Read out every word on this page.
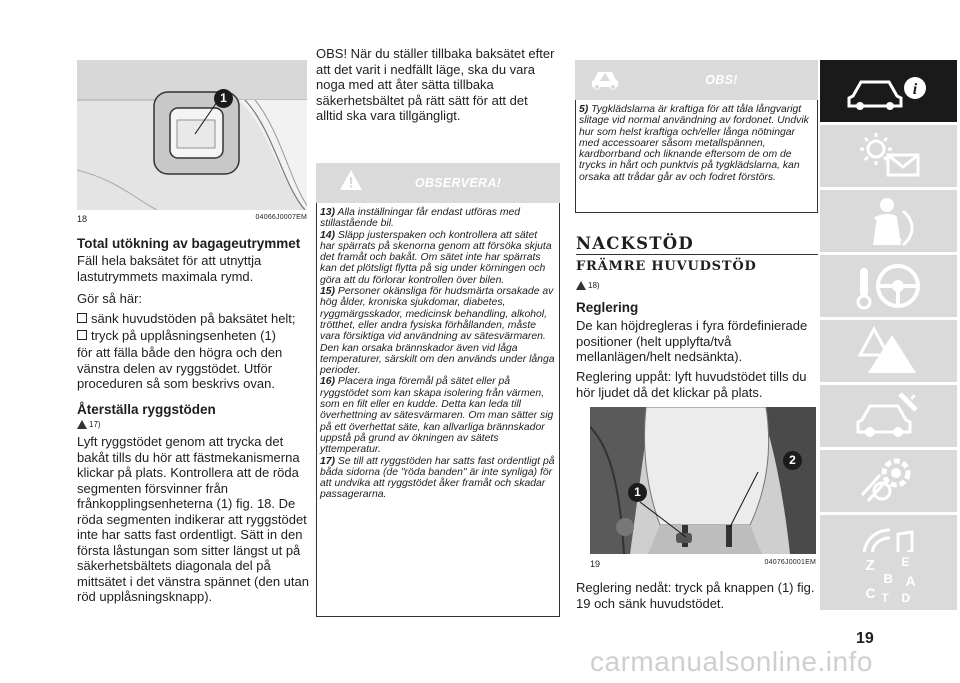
1
18	04066J0007EM
Total utökning av bagageutrymmet
Fäll hela baksätet för att utnyttja lastutrymmets maximala rymd.
Gör så här:
sänk huvudstöden på baksätet helt;
tryck på upplåsningsenheten (1)
för att fälla både den högra och den vänstra delen av ryggstödet. Utför proceduren så som beskrivs ovan.
Återställa ryggstöden
17)
Lyft ryggstödet genom att trycka det bakåt tills du hör att fästmekanismerna klickar på plats. Kontrollera att de röda segmenten försvinner från frånkopplingsenheterna (1) fig. 18. De röda segmenten indikerar att ryggstödet inte har satts fast ordentligt. Sätt in den första låstungan som sitter längst ut på säkerhetsbältets diagonala del på mittsätet i det vänstra spännet (den utan röd upplåsningsknapp).
OBS! När du ställer tillbaka baksätet efter att det varit i nedfällt läge, ska du vara noga med att åter sätta tillbaka säkerhetsbältet på rätt sätt för att det alltid ska vara tillgängligt.
OBSERVERA!

13) Alla inställningar får endast utföras med stillastående bil.

14) Släpp justerspaken och kontrollera att sätet har spärrats på skenorna genom att försöka skjuta det framåt och bakåt. Om sätet inte har spärrats kan det plötsligt flytta på sig under körningen och göra att du förlorar kontrollen över bilen.

15) Personer okänsliga för hudsmärta orsakade av hög ålder, kroniska sjukdomar, diabetes, ryggmärgsskador, medicinsk behandling, alkohol, trötthet, eller andra fysiska förhållanden, måste vara försiktiga vid användning av sätesvärmaren. Den kan orsaka brännskador även vid låga temperaturer, särskilt om den används under långa perioder.

16) Placera inga föremål på sätet eller på ryggstödet som kan skapa isolering från värmen, som en filt eller en kudde. Detta kan leda till överhettning av sätesvärmaren. Om man sätter sig på ett överhettat säte, kan allvarliga brännskador uppstå på grund av ökningen av sätets yttemperatur.

17) Se till att ryggstöden har satts fast ordentligt på båda sidorna (de "röda banden" är inte synliga) för att undvika att ryggstödet åker framåt och skadar passagerarna.

OBS!

5) Tygklädslarna är kraftiga för att tåla långvarigt slitage vid normal användning av fordonet. Undvik hur som helst kraftiga och/eller långa nötningar med accessoarer såsom metallspännen, kardborrband och liknande eftersom de om de trycks in hårt och punktvis på tygklädslarna, kan orsaka att trådar går av och fodret förstörs.

NACKSTÖD
FRÄMRE HUVUDSTÖD
18)
Reglering
De kan höjdregleras i fyra fördefinierade positioner (helt upplyfta/två mellanlägen/helt nedsänkta).
Reglering uppåt: lyft huvudstödet tills du hör ljudet då det klickar på plats.
1
2
19	04076J0001EM
Reglering nedåt: tryck på knappen (1) fig. 19 och sänk huvudstödet.
i
Z E
B A
T
C D
19
carmanualsonline.info
